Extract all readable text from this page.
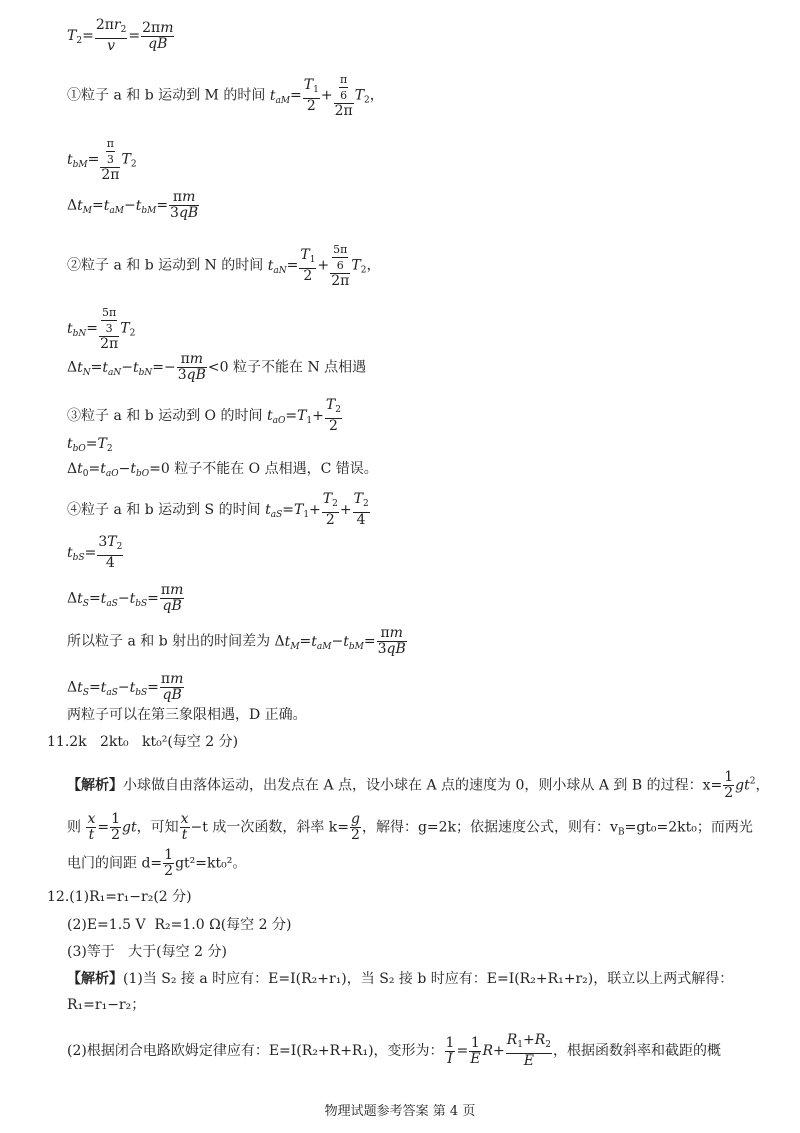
$T_2= \frac{2\pi r_2}{v} = \frac{2\pi m}{qB}$
①粒子 a 和 b 运动到 M 的时间 $t_{aM}= \frac{T_1}{2} + \frac{\frac{\pi}{6}}{2\pi} T_2$，
$t_{bM}= \frac{\frac{\pi}{3}}{2\pi} T_2$
$\Delta t_M=t_{aM}-t_{bM}= \frac{\pi m}{3qB}$
②粒子 a 和 b 运动到 N 的时间 $t_{aN}= \frac{T_1}{2} + \frac{\frac{5\pi}{6}}{2\pi} T_2$，
$t_{bN}= \frac{\frac{5\pi}{3}}{2\pi} T_2$
$\Delta t_N=t_{aN}-t_{bN}=- \frac{\pi m}{3qB} <0$ 粒子不能在 N 点相遇
③粒子 a 和 b 运动到 O 的时间 $t_{aO}=T_1+ \frac{T_2}{2}$
$t_{bO}=T_2$
$\Delta t_0=t_{aO}-t_{bO}=0$ 粒子不能在 O 点相遇，C 错误。
④粒子 a 和 b 运动到 S 的时间 $t_{aS}=T_1+ \frac{T_2}{2} + \frac{T_2}{4}$
$t_{bS}= \frac{3T_2}{4}$
$\Delta t_S=t_{aS}-t_{bS}= \frac{\pi m}{qB}$
所以粒子 a 和 b 射出的时间差为 $\Delta t_M=t_{aM}-t_{bM}= \frac{\pi m}{3qB}$
$\Delta t_S=t_{aS}-t_{bS}= \frac{\pi m}{qB}$
两粒子可以在第三象限相遇，D 正确。
11.2k   2kt₀   kt₀²(每空 2 分)
【解析】小球做自由落体运动，出发点在 A 点，设小球在 A 点的速度为 0，则小球从 A 到 B 的过程：$x= \frac{1}{2} gt^2$，
则 $\frac{x}{t} = \frac{1}{2}$ gt，可知 $\frac{x}{t} -t$ 成一次函数，斜率 $k= \frac{g}{2}$ ，解得：g=2k；依据速度公式，则有：$v_B=gt_0=2kt_0$；而两光
电门的间距 $d= \frac{1}{2} gt^2=kt_0^2$。
12.(1)R₁=r₁−r₂(2 分)
(2)E=1.5 V  R₂=1.0 Ω(每空 2 分)
(3)等于   大于(每空 2 分)
【解析】(1)当 S₂ 接 a 时应有：E=I(R₂+r₁)，当 S₂ 接 b 时应有：E=I(R₂+R₁+r₂)，联立以上两式解得：
R₁=r₁−r₂；
(2)根据闭合电路欧姆定律应有：E=I(R₂+R+R₁)，变形为： $\frac{1}{I} = \frac{1}{E} R+ \frac{R_1+R_2}{E}$ ，根据函数斜率和截距的概
物理试题参考答案 第 4 页
